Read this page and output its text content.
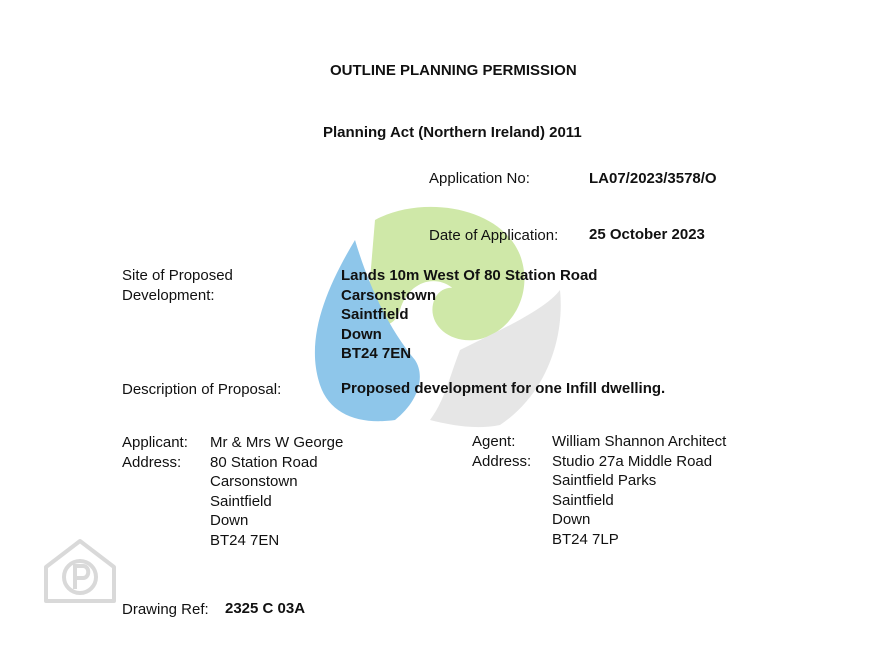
OUTLINE PLANNING PERMISSION
Planning Act (Northern Ireland) 2011
Application No:	LA07/2023/3578/O
Date of Application: 25 October 2023
Site of Proposed
Development:
Lands 10m West Of 80 Station Road
Carsonstown
Saintfield
Down
BT24 7EN
Description of Proposal:	Proposed development for one Infill dwelling.
Applicant:
Address:
Mr & Mrs W George
80 Station Road
Carsonstown
Saintfield
Down
BT24 7EN
Agent:
Address:
William Shannon Architect
Studio 27a Middle Road
Saintfield Parks
Saintfield
Down
BT24 7LP
Drawing Ref: 2325 C 03A
